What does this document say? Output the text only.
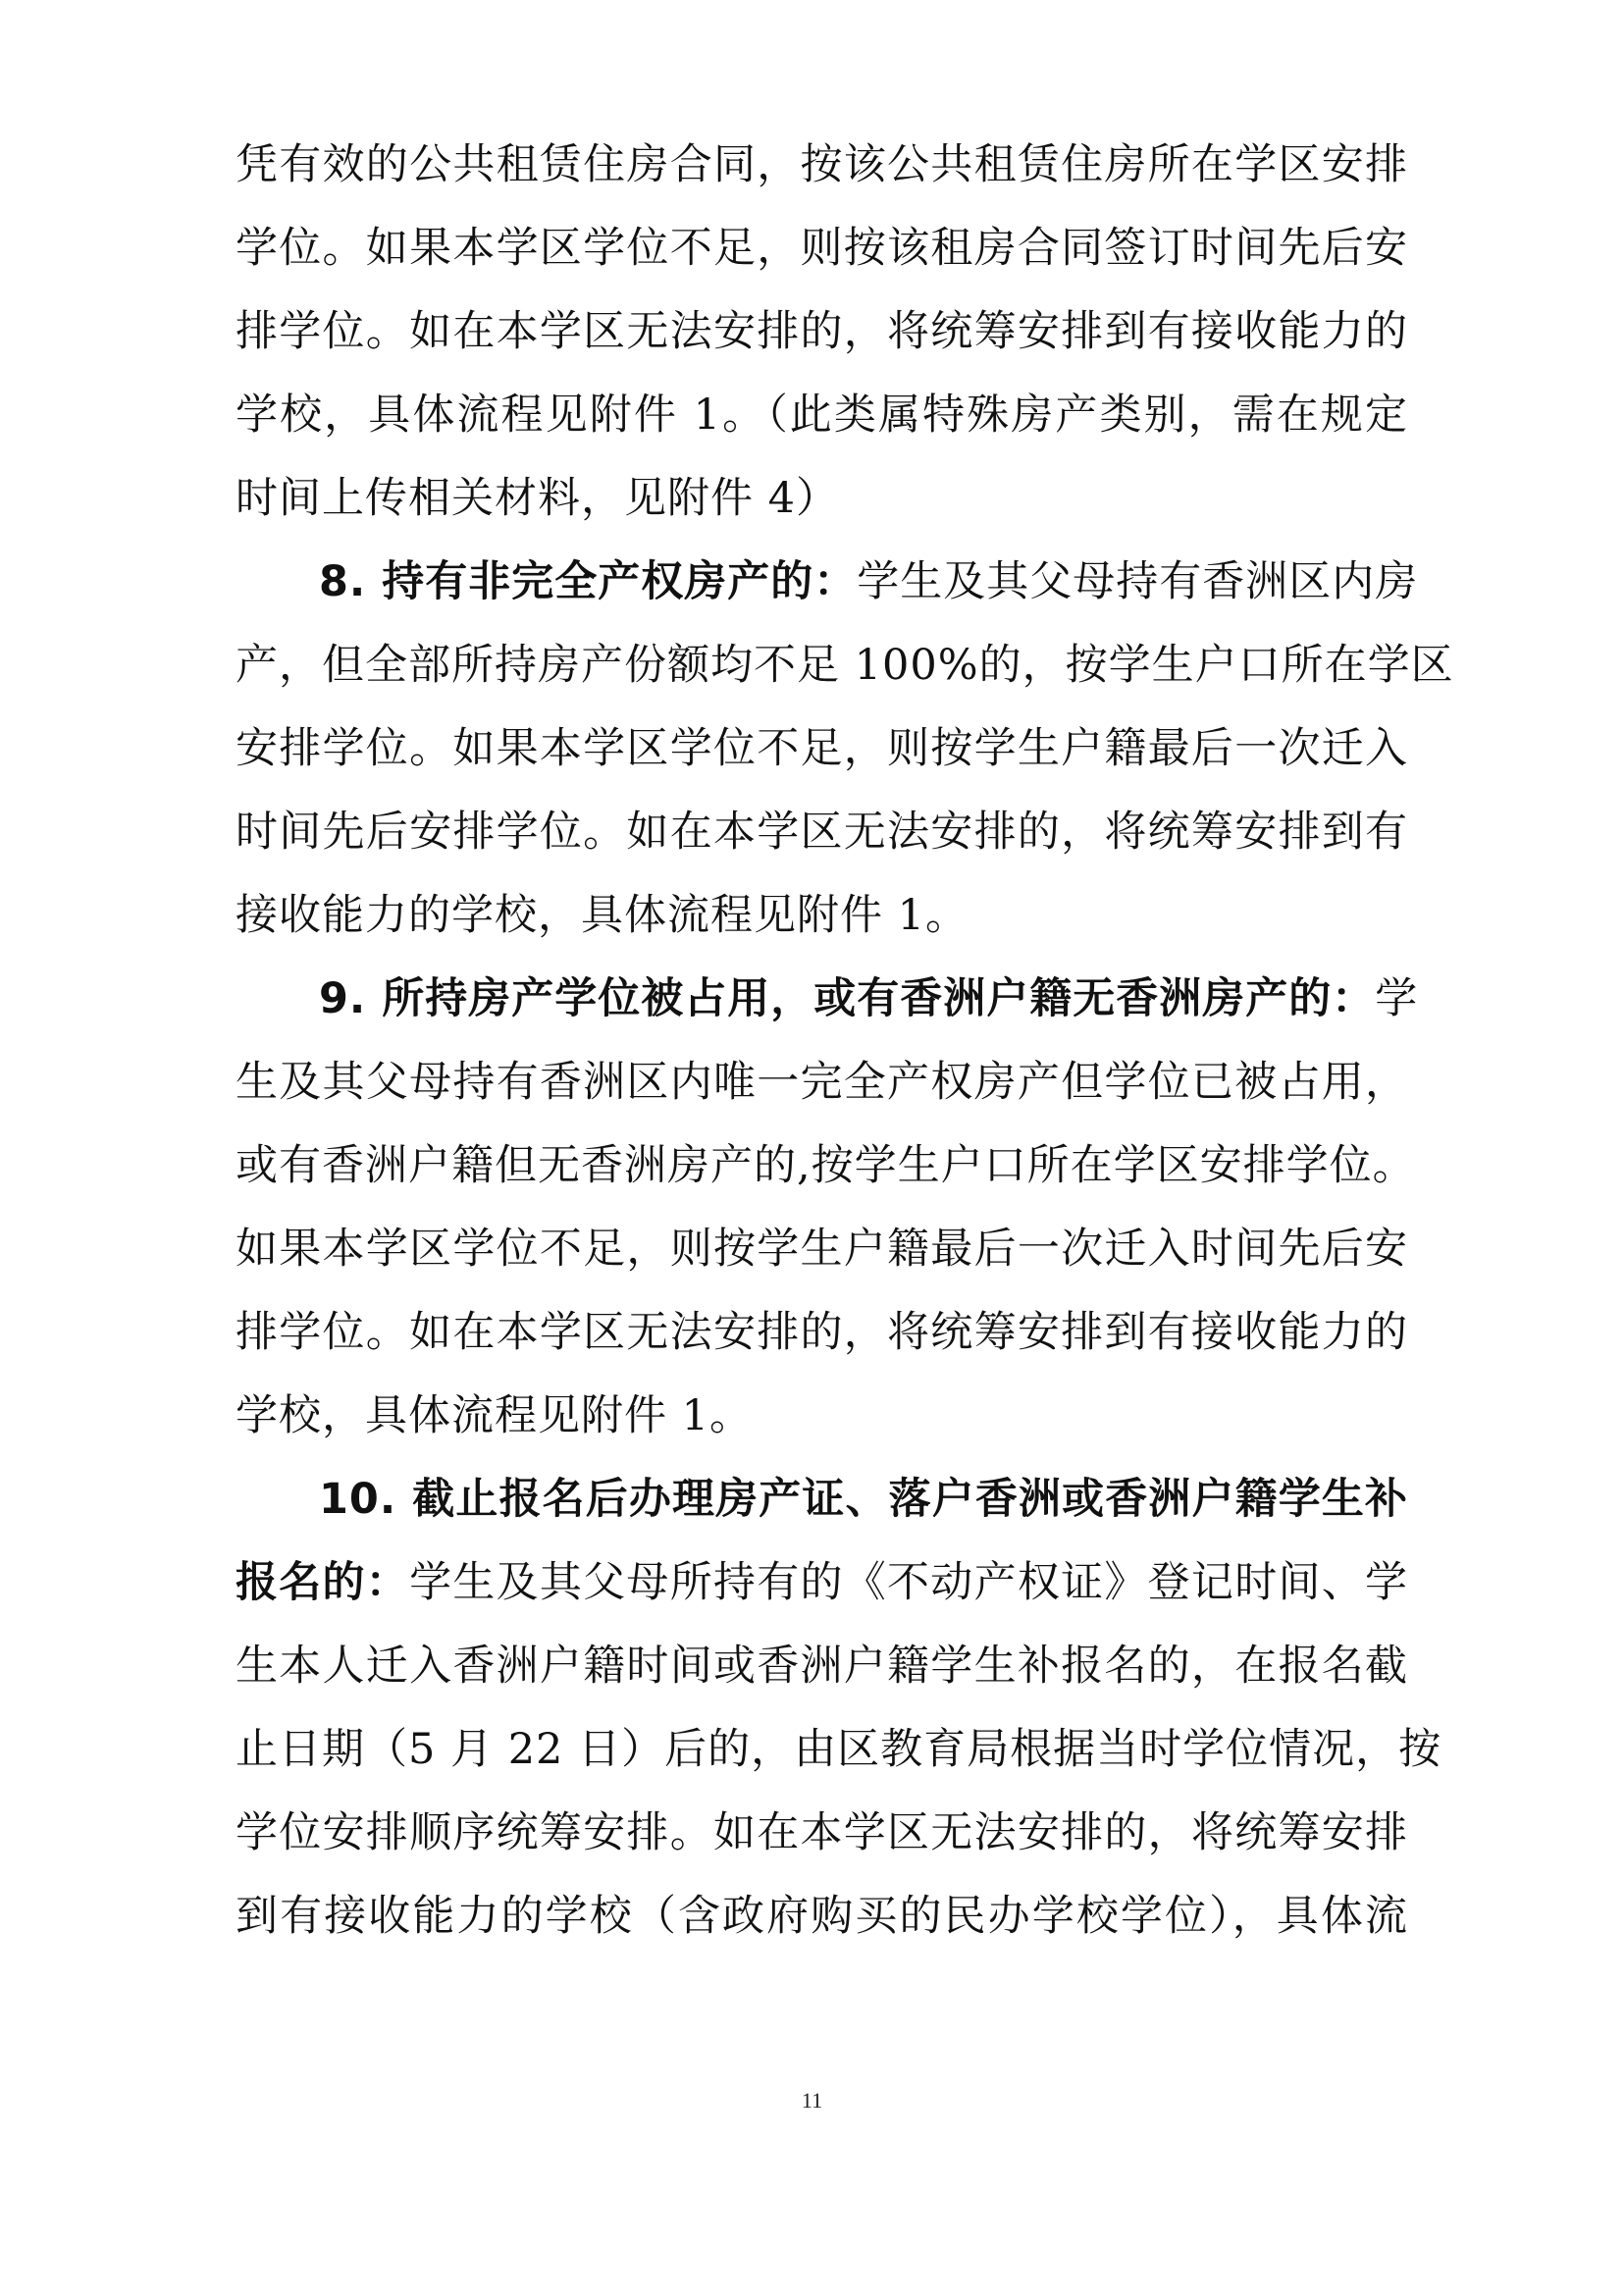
凭有效的公共租赁住房合同，按该公共租赁住房所在学区安排
学位。如果本学区学位不足，则按该租房合同签订时间先后安
排学位。如在本学区无法安排的，将统筹安排到有接收能力的
学校，具体流程见附件 1。（此类属特殊房产类别，需在规定
时间上传相关材料，见附件 4）
8. 持有非完全产权房产的：学生及其父母持有香洲区内房
产，但全部所持房产份额均不足 100%的，按学生户口所在学区
安排学位。如果本学区学位不足，则按学生户籍最后一次迁入
时间先后安排学位。如在本学区无法安排的，将统筹安排到有
接收能力的学校，具体流程见附件 1。
9. 所持房产学位被占用，或有香洲户籍无香洲房产的：学
生及其父母持有香洲区内唯一完全产权房产但学位已被占用，
或有香洲户籍但无香洲房产的,按学生户口所在学区安排学位。
如果本学区学位不足，则按学生户籍最后一次迁入时间先后安
排学位。如在本学区无法安排的，将统筹安排到有接收能力的
学校，具体流程见附件 1。
10. 截止报名后办理房产证、落户香洲或香洲户籍学生补
报名的：学生及其父母所持有的《不动产权证》登记时间、学
生本人迁入香洲户籍时间或香洲户籍学生补报名的，在报名截
止日期（5 月 22 日）后的，由区教育局根据当时学位情况，按
学位安排顺序统筹安排。如在本学区无法安排的，将统筹安排
到有接收能力的学校（含政府购买的民办学校学位），具体流
11
